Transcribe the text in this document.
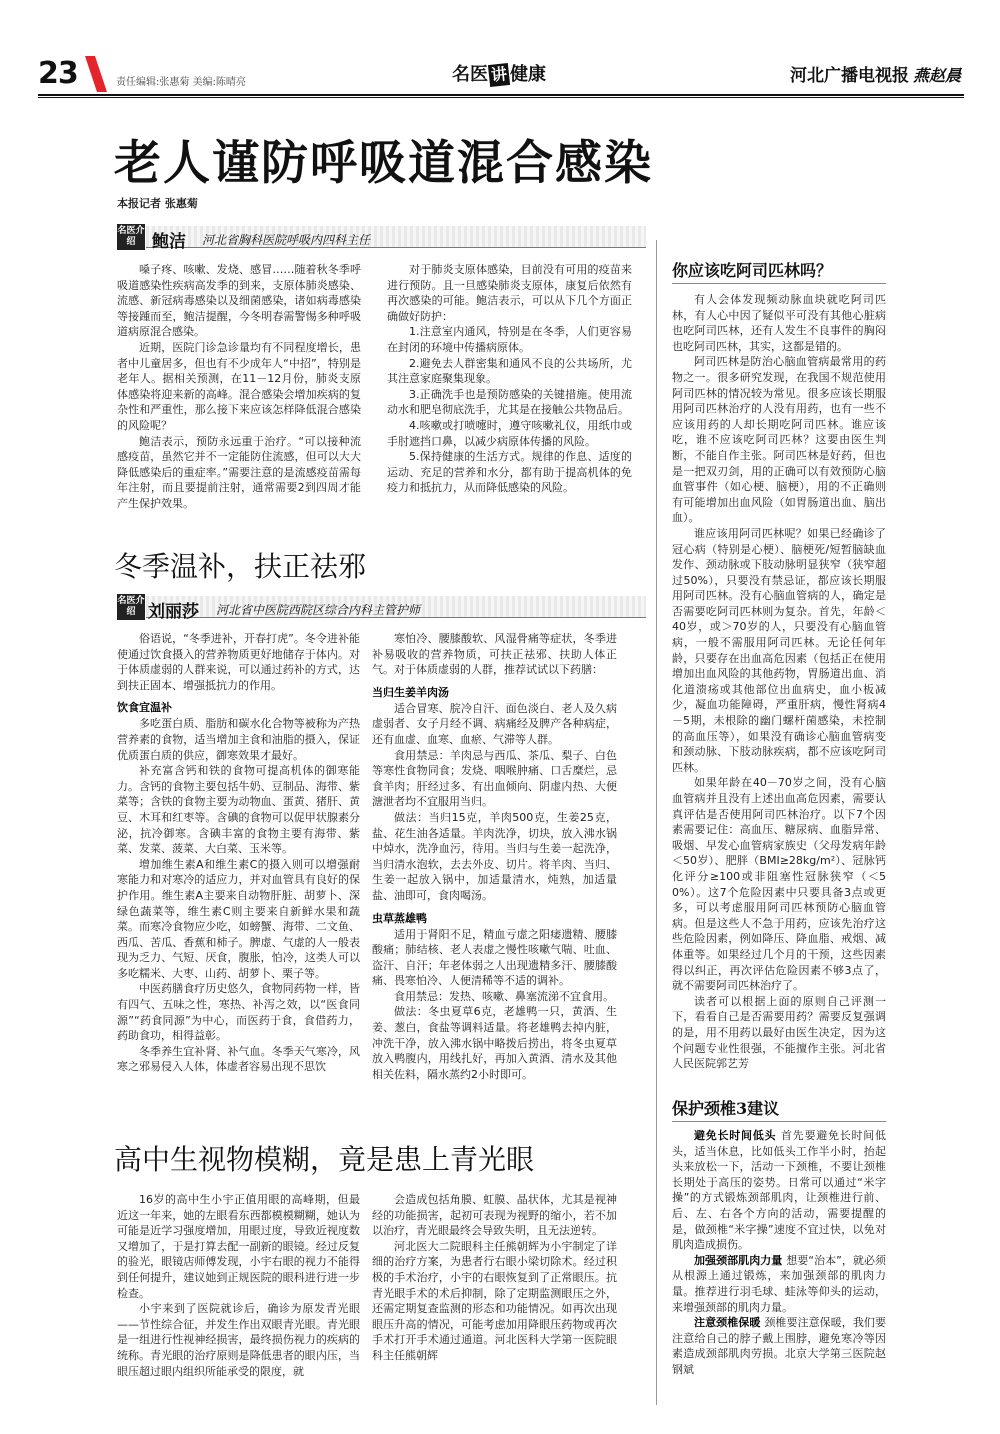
23	责任编辑:张惠菊 美编:陈晴亮	名医 讲 健康	河北广播电视报 燕赵晨
老人谨防呼吸道混合感染
本报记者 张惠菊
名医介绍 鲍洁 河北省胸科医院呼吸内四科主任

嗓子疼、咳嗽、发烧、感冒……随着秋冬季呼吸道感染性疾病高发季的到来，支原体肺炎感染、流感、新冠病毒感染以及细菌感染，诸如病毒感染等接踵而至，鲍洁提醒，今冬明春需警惕多种呼吸道病原混合感染。

近期，医院门诊急诊量均有不同程度增长，患者中儿童居多，但也有不少成年人“中招”，特别是老年人。据相关预测，在11－12月份，肺炎支原体感染将迎来新的高峰。混合感染会增加疾病的复杂性和严重性，那么接下来应该怎样降低混合感染的风险呢？

鲍洁表示，预防永远重于治疗。“可以接种流感疫苗，虽然它并不一定能防住流感，但可以大大降低感染后的重症率。”需要注意的是流感疫苗需每年注射，而且要提前注射，通常需要2到四周才能产生保护效果。

对于肺炎支原体感染，目前没有可用的疫苗来进行预防。且一旦感染肺炎支原体，康复后依然有再次感染的可能。鲍洁表示，可以从下几个方面正确做好防护：

1.注意室内通风，特别是在冬季，人们更容易在封闭的环境中传播病原体。

2.避免去人群密集和通风不良的公共场所，尤其注意家庭聚集现象。

3.正确洗手也是预防感染的关键措施。使用流动水和肥皂彻底洗手，尤其是在接触公共物品后。

4.咳嗽或打喷嚏时，遵守咳嗽礼仪，用纸巾或手肘遮挡口鼻，以减少病原体传播的风险。

5.保持健康的生活方式。规律的作息、适度的运动、充足的营养和水分，都有助于提高机体的免疫力和抵抗力，从而降低感染的风险。

冬季温补，扶正祛邪
名医介绍 刘丽莎 河北省中医院西院区综合内科主管护师

俗语说，“冬季进补，开春打虎”。冬令进补能使通过饮食摄入的营养物质更好地储存于体内。对于体质虚弱的人群来说，可以通过药补的方式，达到扶正固本、增强抵抗力的作用。

饮食宜温补

多吃蛋白质、脂肪和碳水化合物等被称为产热营养素的食物，适当增加主食和油脂的摄入，保证优质蛋白质的供应，御寒效果才最好。

补充富含钙和铁的食物可提高机体的御寒能力。含钙的食物主要包括牛奶、豆制品、海带、紫菜等；含铁的食物主要为动物血、蛋黄、猪肝、黄豆、木耳和红枣等。含碘的食物可以促甲状腺素分泌，抗冷御寒。含碘丰富的食物主要有海带、紫菜、发菜、菠菜、大白菜、玉米等。

增加维生素A和维生素C的摄入则可以增强耐寒能力和对寒冷的适应力，并对血管具有良好的保护作用。维生素A主要来自动物肝脏、胡萝卜、深绿色蔬菜等，维生素C则主要来自新鲜水果和蔬菜。而寒冷食物应少吃，如螃蟹、海带、二文鱼、西瓜、苦瓜、香蕉和柿子。脾虚、气虚的人一般表现为乏力、气短、厌食，腹胀，怕冷，这类人可以多吃糯米、大枣、山药、胡萝卜、栗子等。

中医药膳食疗历史悠久，食物同药物一样，皆有四气、五味之性，寒热、补泻之效，以“医食同源”“药食同源”为中心，而医药于食，食借药力，药助食功，相得益彰。

冬季养生宜补肾、补气血。冬季天气寒冷，风寒之邪易侵入人体，体虚者容易出现不思饮

寒怕冷、腰膝酸软、风湿骨痛等症状，冬季进补易吸收的营养物质，可扶正祛邪、扶助人体正气。对于体质虚弱的人群，推荐试试以下药膳：

当归生姜羊肉汤

适合冒寒、脘冷自汗、面色淡白、老人及久病虚弱者、女子月经不调、病痛经及脾产各种病症，还有血虚、血寒、血瘀、气滞等人群。

食用禁忌：羊肉忌与西瓜、茶瓜、梨子、白色等寒性食物同食；发烧、咽喉肿痛、口舌糜烂，忌食羊肉；肝经过多、有出血倾向、阴虚内热、大便溏泄者均不宜服用当归。

做法：当归15克，羊肉500克，生姜25克，盐、花生油各适量。羊肉洗净，切块，放入沸水锅中焯水，洗净血污，待用。当归与生姜一起洗净，当归清水泡软，去去外皮、切片。将羊肉、当归、生姜一起放入锅中，加适量清水，炖熟，加适量盐、油即可，食肉喝汤。

虫草蒸雄鸭

适用于肾阳不足，精血亏虚之阳痿遗精、腰膝酸痛；肺结核、老人表虚之慢性咳嗽气喘、吐血、盗汗、自汗；年老体弱之人出现遗精多汗、腰膝酸痛、畏寒怕冷、人便清稀等不适的调补。

食用禁忌：发热、咳嗽、鼻塞流涕不宜食用。

做法：冬虫夏草6克，老雄鸭一只，黄酒、生姜、葱白，食盐等调料适量。将老雄鸭去掉内脏，冲洗干净，放入沸水锅中略拨后捞出，将冬虫夏草放入鸭腹内，用线扎好，再加入黄酒、清水及其他相关佐料，隔水蒸约2小时即可。

高中生视物模糊，竟是患上青光眼

16岁的高中生小宇正值用眼的高峰期，但最近这一年来，她的左眼看东西都模模糊糊，她认为可能是近学习强度增加，用眼过度，导致近视度数又增加了，于是打算去配一副新的眼镜。经过反复的验光，眼镜店师傅发现，小宇右眼的视力不能得到任何提升，建议她到正规医院的眼科进行进一步检查。

小宇来到了医院就诊后，确诊为原发青光眼——节性综合征，并发生作出双眼青光眼。青光眼是一组进行性视神经损害，最终损伤视力的疾病的统称。青光眼的治疗原则是降低患者的眼内压，当眼压超过眼内组织所能承受的限度，就

会造成包括角膜、虹膜、晶状体，尤其是视神经的功能损害，起初可表现为视野的缩小，若不加以治疗，青光眼最终会导致失明，且无法逆转。

河北医大二院眼科主任熊朝辉为小宇制定了详细的治疗方案，为患者行右眼小梁切除术。经过积极的手术治疗，小宇的右眼恢复到了正常眼压。抗青光眼手术的术后抑制，除了定期监测眼压之外，还需定期复查监测的形态和功能情况。如再次出现眼压升高的情况，可能考虑加用降眼压药物或再次手术打开手术通过通道。河北医科大学第一医院眼科主任熊朝辉

你应该吃阿司匹林吗？

有人会体发现频动脉血块就吃阿司匹林，有人心中因了疑似平可没有其他心脏病也吃阿司匹林，还有人发生不良事件的胸闷也吃阿司匹林，其实，这都是错的。

阿司匹林是防治心脑血管病最常用的药物之一。很多研究发现，在我国不规范使用阿司匹林的情况较为常见。很多应该长期服用阿司匹林治疗的人没有用药，也有一些不应该用药的人却长期吃阿司匹林。谁应该吃，谁不应该吃阿司匹林？这要由医生判断，不能自作主张。阿司匹林是好药，但也是一把双刃剑，用的正确可以有效预防心脑血管事件（如心梗、脑梗），用的不正确则有可能增加出血风险（如胃肠道出血、脑出血）。

谁应该用阿司匹林呢？如果已经确诊了冠心病（特别是心梗）、脑梗死/短暂脑缺血发作、颈动脉或下肢动脉明显狭窄（狭窄超过50%），只要没有禁忌证，都应该长期服用阿司匹林。没有心脑血管病的人，确定是否需要吃阿司匹林则为复杂。首先，年龄＜40岁，或＞70岁的人，只要没有心脑血管病，一般不需服用阿司匹林。无论任何年龄，只要存在出血高危因素（包括正在使用增加出血风险的其他药物，胃肠道出血、消化道溃疡或其他部位出血病史，血小板减少，凝血功能障碍，严重肝病，慢性肾病4－5期，未根除的幽门螺杆菌感染，未控制的高血压等），如果没有确诊心脑血管病变和颈动脉、下肢动脉疾病，都不应该吃阿司匹林。

如果年龄在40－70岁之间，没有心脑血管病并且没有上述出血高危因素，需要认真评估是否使用阿司匹林治疗。以下7个因素需要记住：高血压、糖尿病、血脂异常、吸烟、早发心血管病家族史（父母发病年龄＜50岁）、肥胖（BMI≥28kg/m²）、冠脉钙化评分≥100或非阻塞性冠脉狭窄（＜50%）。这7个危险因素中只要具备3点或更多，可以考虑服用阿司匹林预防心脑血管病。但是这些人不急于用药，应该先治疗这些危险因素，例如降压、降血脂、戒烟、减体重等。如果经过几个月的干预，这些因素得以纠正，再次评估危险因素不够3点了，就不需要阿司匹林治疗了。

读者可以根据上面的原则自己评测一下，看看自己是否需要用药？需要反复强调的是，用不用药以最好由医生决定，因为这个问题专业性很强，不能擅作主张。河北省人民医院郭艺芳

保护颈椎3建议

避免长时间低头 首先要避免长时间低头，适当休息，比如低头工作半小时，抬起头来放松一下，活动一下颈椎，不要让颈椎长期处于高压的姿势。日常可以通过“米字操”的方式锻炼颈部肌肉，让颈椎进行前、后、左、右各个方向的活动，需要提醒的是，做颈椎“米字操”速度不宜过快，以免对肌肉造成损伤。

加强颈部肌肉力量 想要“治本”，就必须从根源上通过锻炼，来加强颈部的肌肉力量。推荐进行羽毛球、蛙泳等仰头的运动，来增强颈部的肌肉力量。

注意颈椎保暖 颈椎要注意保暖，我们要注意给自己的脖子戴上围脖，避免寒冷等因素造成颈部肌肉劳损。北京大学第三医院赵钢斌
